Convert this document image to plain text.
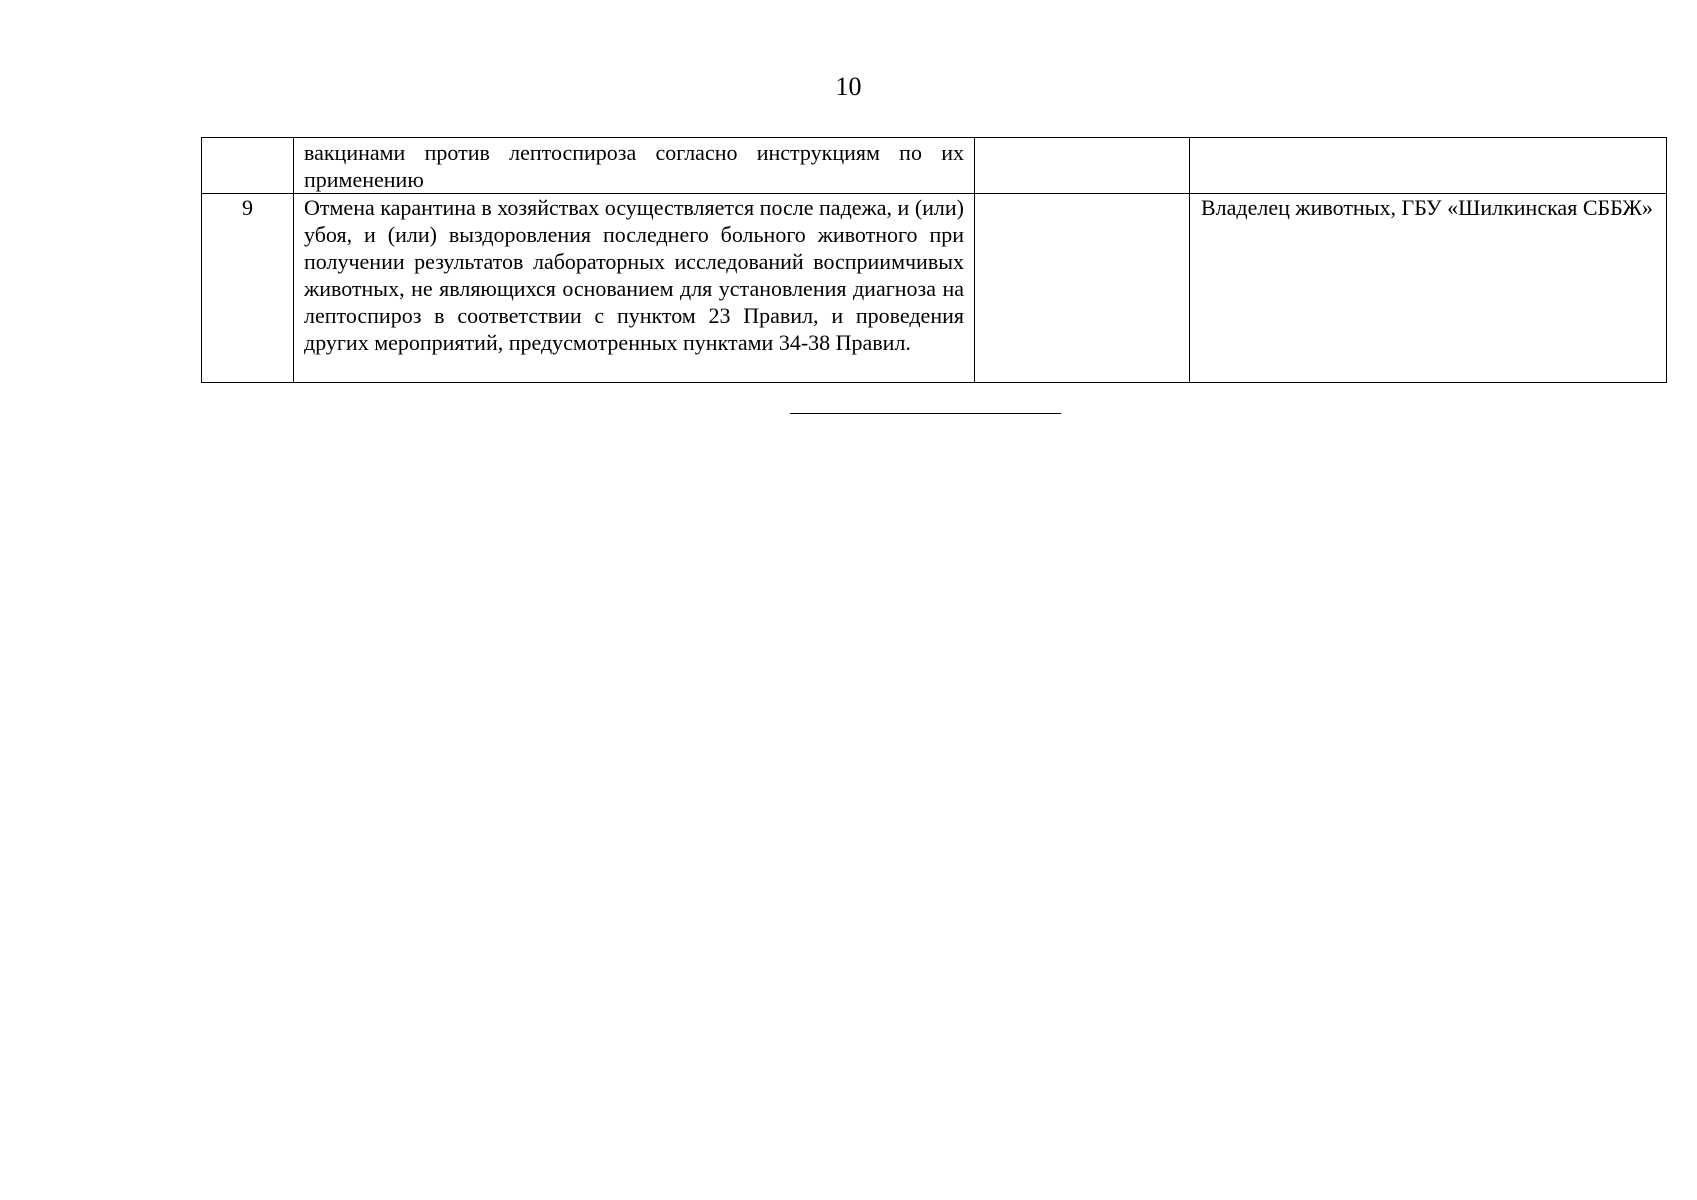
10
	вакцинами против лептоспироза согласно инструкциям по их применению		
9	Отмена карантина в хозяйствах осуществляется после падежа, и (или) убоя, и (или) выздоровления последнего больного животного при получении результатов лабораторных исследований восприимчивых животных, не являющихся основанием для установления диагноза на лептоспироз в соответствии с пунктом 23 Правил, и проведения других мероприятий, предусмотренных пунктами 34-38 Правил.		Владелец животных, ГБУ «Шилкинская СББЖ»
